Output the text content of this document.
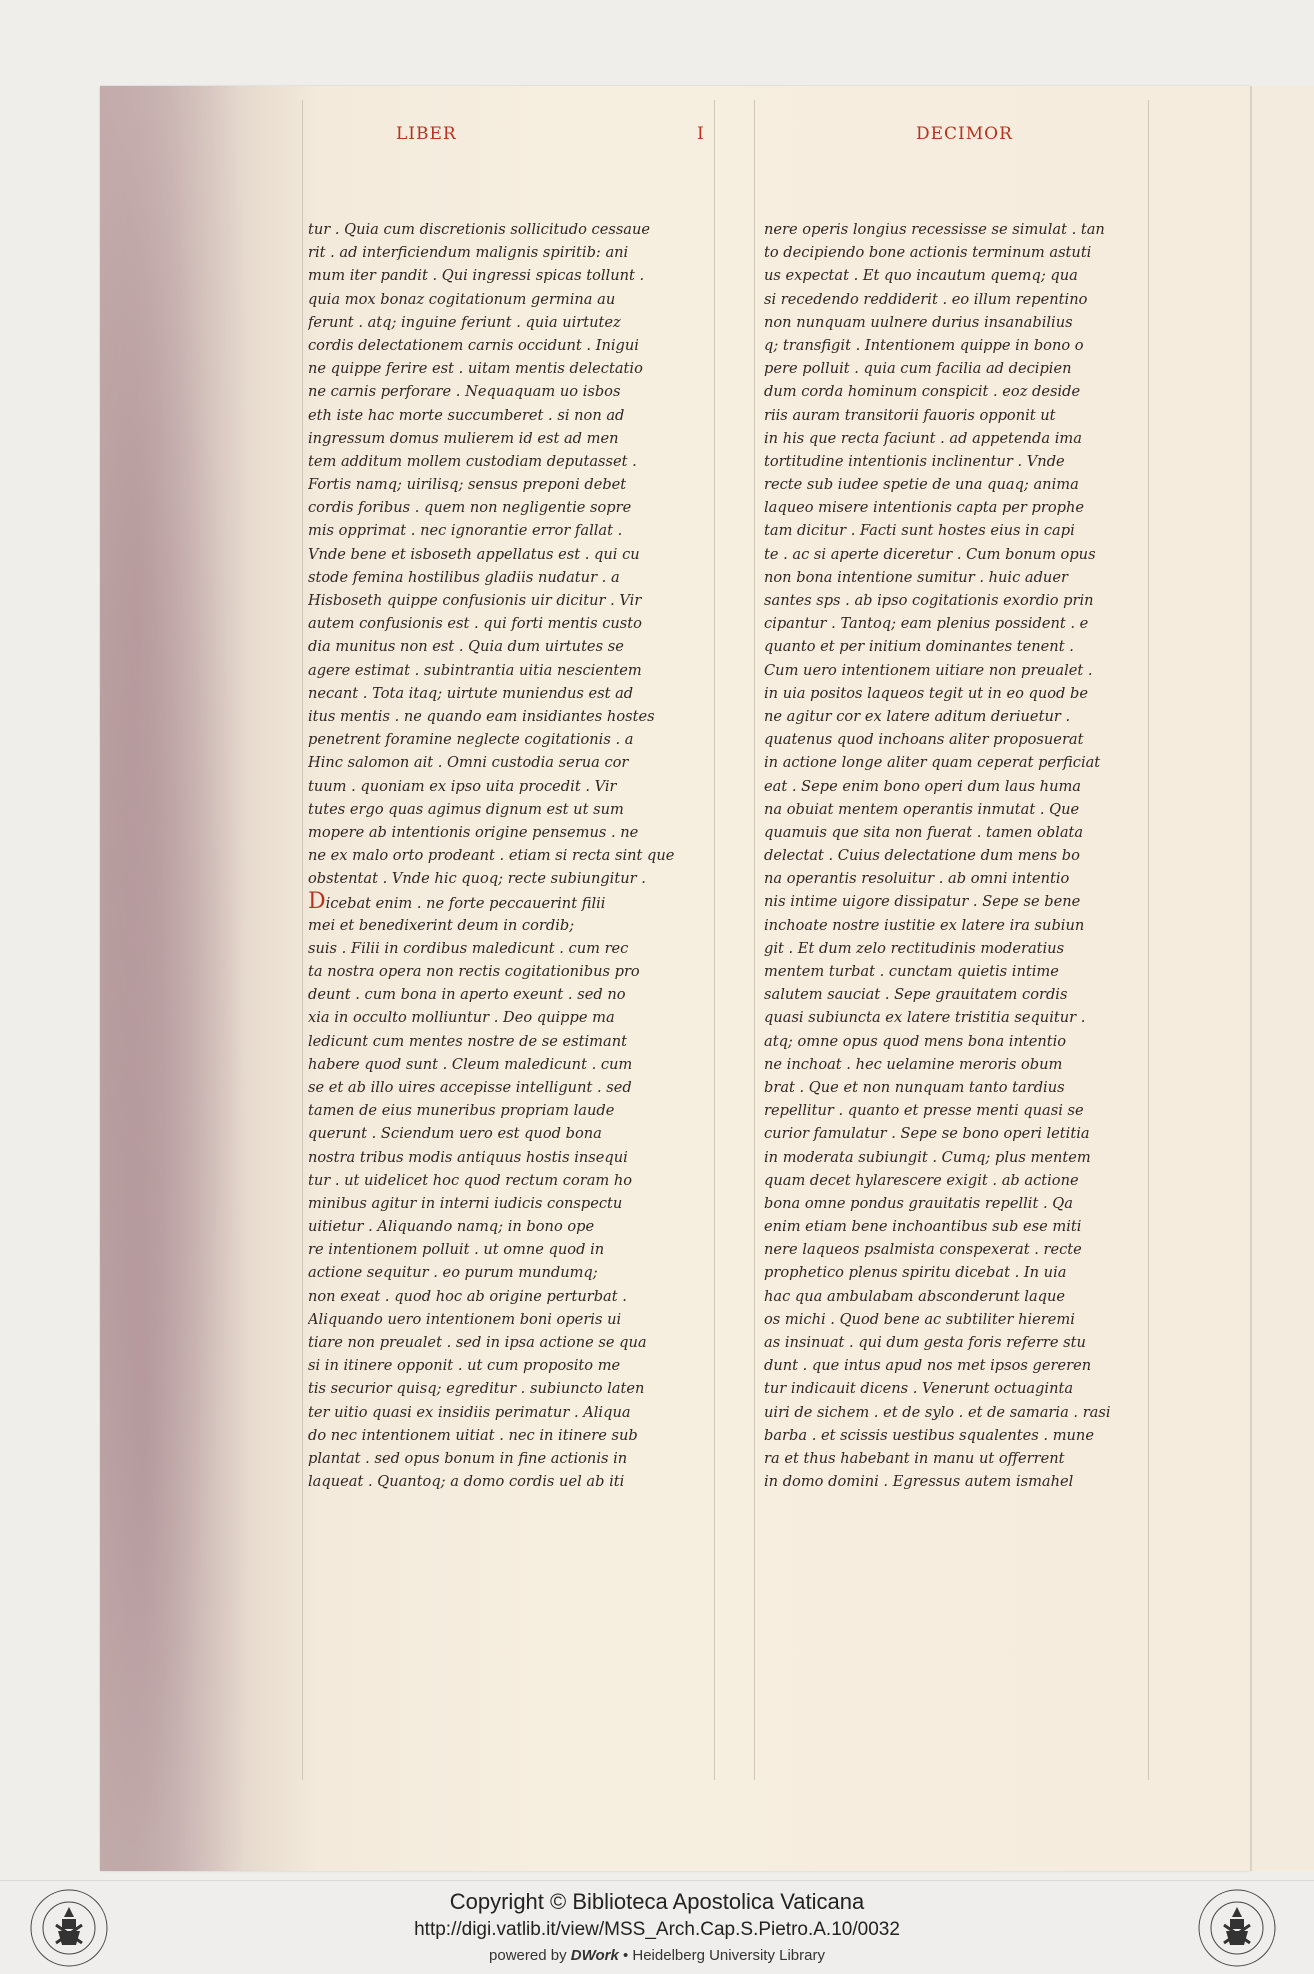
LIBER	I	DECIMOR
tur . Quia cum discretionis sollicitudo cessaue
rit . ad interficiendum malignis spiritib: ani
mum iter pandit . Qui ingressi spicas tollunt .
quia mox bonaz cogitationum germina au
ferunt . atq; inguine feriunt . quia uirtutez
cordis delectationem carnis occidunt . Inigui
ne quippe ferire est . uitam mentis delectatio
ne carnis perforare . Nequaquam uo isbos
eth iste hac morte succumberet . si non ad
ingressum domus mulierem id est ad men
tem additum mollem custodiam deputasset .
Fortis namq; uirilisq; sensus preponi debet
cordis foribus . quem non negligentie sopre
mis opprimat . nec ignorantie error fallat .
Vnde bene et isboseth appellatus est . qui cu
stode femina hostilibus gladiis nudatur . a
Hisboseth quippe confusionis uir dicitur . Vir
autem confusionis est . qui forti mentis custo
dia munitus non est . Quia dum uirtutes se
agere estimat . subintrantia uitia nescientem
necant . Tota itaq; uirtute muniendus est ad
itus mentis . ne quando eam insidiantes hostes
penetrent foramine neglecte cogitationis . a
Hinc salomon ait . Omni custodia serua cor
tuum . quoniam ex ipso uita procedit . Vir
tutes ergo quas agimus dignum est ut sum
mopere ab intentionis origine pensemus . ne
ne ex malo orto prodeant . etiam si recta sint que
obstentat . Vnde hic quoq; recte subiungitur .
Dicebat enim . ne forte peccauerint filii
mei et benedixerint deum in cordib;
suis . Filii in cordibus maledicunt . cum rec
ta nostra opera non rectis cogitationibus pro
deunt . cum bona in aperto exeunt . sed no
xia in occulto molliuntur . Deo quippe ma
ledicunt cum mentes nostre de se estimant
habere quod sunt . Cleum maledicunt . cum
se et ab illo uires accepisse intelligunt . sed
tamen de eius muneribus propriam laude
querunt . Sciendum uero est quod bona
nostra tribus modis antiquus hostis insequi
tur . ut uidelicet hoc quod rectum coram ho
minibus agitur in interni iudicis conspectu
uitietur . Aliquando namq; in bono ope
re intentionem polluit . ut omne quod in
actione sequitur . eo purum mundumq;
non exeat . quod hoc ab origine perturbat .
Aliquando uero intentionem boni operis ui
tiare non preualet . sed in ipsa actione se qua
si in itinere opponit . ut cum proposito me
tis securior quisq; egreditur . subiuncto laten
ter uitio quasi ex insidiis perimatur . Aliqua
do nec intentionem uitiat . nec in itinere sub
plantat . sed opus bonum in fine actionis in
laqueat . Quantoq; a domo cordis uel ab iti
nere operis longius recessisse se simulat . tan
to decipiendo bone actionis terminum astuti
us expectat . Et quo incautum quemq; qua
si recedendo reddiderit . eo illum repentino
non nunquam uulnere durius insanabilius
q; transfigit . Intentionem quippe in bono o
pere polluit . quia cum facilia ad decipien
dum corda hominum conspicit . eoz deside
riis auram transitorii fauoris opponit ut
in his que recta faciunt . ad appetenda ima
tortitudine intentionis inclinentur . Vnde
recte sub iudee spetie de una quaq; anima
laqueo misere intentionis capta per prophe
tam dicitur . Facti sunt hostes eius in capi
te . ac si aperte diceretur . Cum bonum opus
non bona intentione sumitur . huic aduer
santes sps . ab ipso cogitationis exordio prin
cipantur . Tantoq; eam plenius possident . e
quanto et per initium dominantes tenent .
Cum uero intentionem uitiare non preualet .
in uia positos laqueos tegit ut in eo quod be
ne agitur cor ex latere aditum deriuetur .
quatenus quod inchoans aliter proposuerat
in actione longe aliter quam ceperat perficiat
eat . Sepe enim bono operi dum laus huma
na obuiat mentem operantis inmutat . Que
quamuis que sita non fuerat . tamen oblata
delectat . Cuius delectatione dum mens bo
na operantis resoluitur . ab omni intentio
nis intime uigore dissipatur . Sepe se bene
inchoate nostre iustitie ex latere ira subiun
git . Et dum zelo rectitudinis moderatius
mentem turbat . cunctam quietis intime
salutem sauciat . Sepe grauitatem cordis
quasi subiuncta ex latere tristitia sequitur .
atq; omne opus quod mens bona intentio
ne inchoat . hec uelamine meroris obum
brat . Que et non nunquam tanto tardius
repellitur . quanto et presse menti quasi se
curior famulatur . Sepe se bono operi letitia
in moderata subiungit . Cumq; plus mentem
quam decet hylarescere exigit . ab actione
bona omne pondus grauitatis repellit . Qa
enim etiam bene inchoantibus sub ese miti
nere laqueos psalmista conspexerat . recte
prophetico plenus spiritu dicebat . In uia
hac qua ambulabam absconderunt laque
os michi . Quod bene ac subtiliter hieremi
as insinuat . qui dum gesta foris referre stu
dunt . que intus apud nos met ipsos gereren
tur indicauit dicens . Venerunt octuaginta
uiri de sichem . et de sylo . et de samaria . rasi
barba . et scissis uestibus squalentes . mune
ra et thus habebant in manu ut offerrent
in domo domini . Egressus autem ismahel
Copyright © Biblioteca Apostolica Vaticana
http://digi.vatlib.it/view/MSS_Arch.Cap.S.Pietro.A.10/0032
powered by DWork • Heidelberg University Library
